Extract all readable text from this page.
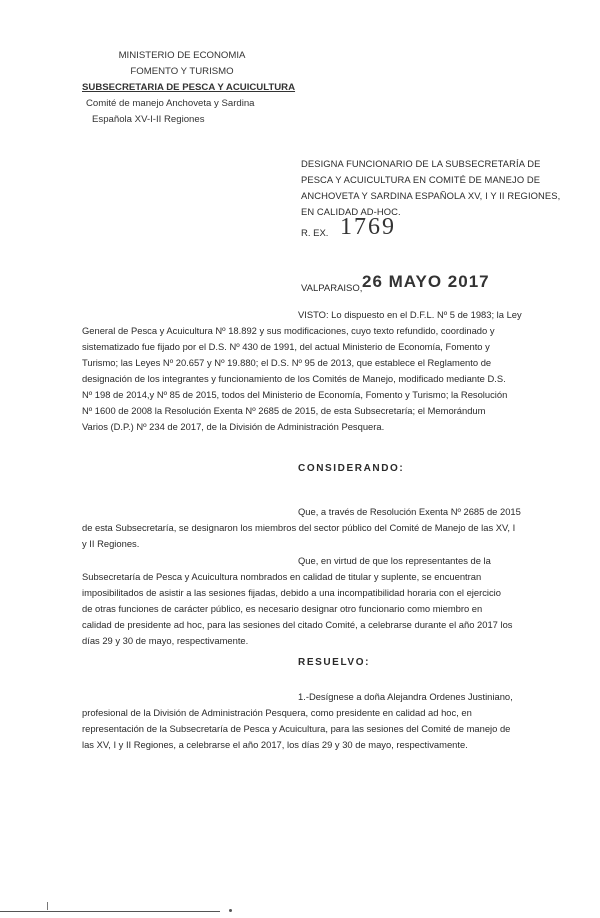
MINISTERIO DE ECONOMIA
FOMENTO Y TURISMO
SUBSECRETARIA DE PESCA Y ACUICULTURA
Comité de manejo Anchoveta y Sardina
Española XV-I-II Regiones
DESIGNA FUNCIONARIO DE LA SUBSECRETARÍA DE
PESCA Y ACUICULTURA EN COMITÉ DE MANEJO DE
ANCHOVETA Y SARDINA ESPAÑOLA XV, I Y II REGIONES,
EN CALIDAD AD-HOC.
R. EX. 1769
VALPARAISO, 26 MAYO 2017
VISTO: Lo dispuesto en el D.F.L. Nº 5 de 1983; la Ley
General de Pesca y Acuicultura Nº 18.892 y sus modificaciones, cuyo texto refundido, coordinado y
sistematizado fue fijado por el D.S. Nº 430 de 1991, del actual Ministerio de Economía, Fomento y
Turismo; las Leyes Nº 20.657 y Nº 19.880; el D.S. Nº 95 de 2013, que establece el Reglamento de
designación de los integrantes y funcionamiento de los Comités de Manejo, modificado mediante D.S.
Nº 198 de 2014,y Nº 85 de 2015, todos del Ministerio de Economía, Fomento y Turismo; la Resolución
Nº 1600 de 2008 la Resolución Exenta Nº 2685 de 2015, de esta Subsecretaría; el Memorándum
Varios (D.P.) Nº 234 de 2017, de la División de Administración Pesquera.
CONSIDERANDO:
Que, a través de Resolución Exenta Nº 2685 de 2015
de esta Subsecretaría, se designaron los miembros del sector público del Comité de Manejo de las XV, I
y II Regiones.
Que, en virtud de que los representantes de la
Subsecretaría de Pesca y Acuicultura nombrados en calidad de titular y suplente, se encuentran
imposibilitados de asistir a las sesiones fijadas, debido a una incompatibilidad horaria con el ejercicio
de otras funciones de carácter público, es necesario designar otro funcionario como miembro en
calidad de presidente ad hoc, para las sesiones del citado Comité, a celebrarse durante el año 2017 los
días 29 y 30 de mayo, respectivamente.
RESUELVO:
1.-Desígnese a doña Alejandra Ordenes Justiniano,
profesional de la División de Administración Pesquera, como presidente en calidad ad hoc, en
representación de la Subsecretaría de Pesca y Acuicultura, para las sesiones del Comité de manejo de
las XV, I y II Regiones, a celebrarse el año 2017, los días 29 y 30 de mayo, respectivamente.
